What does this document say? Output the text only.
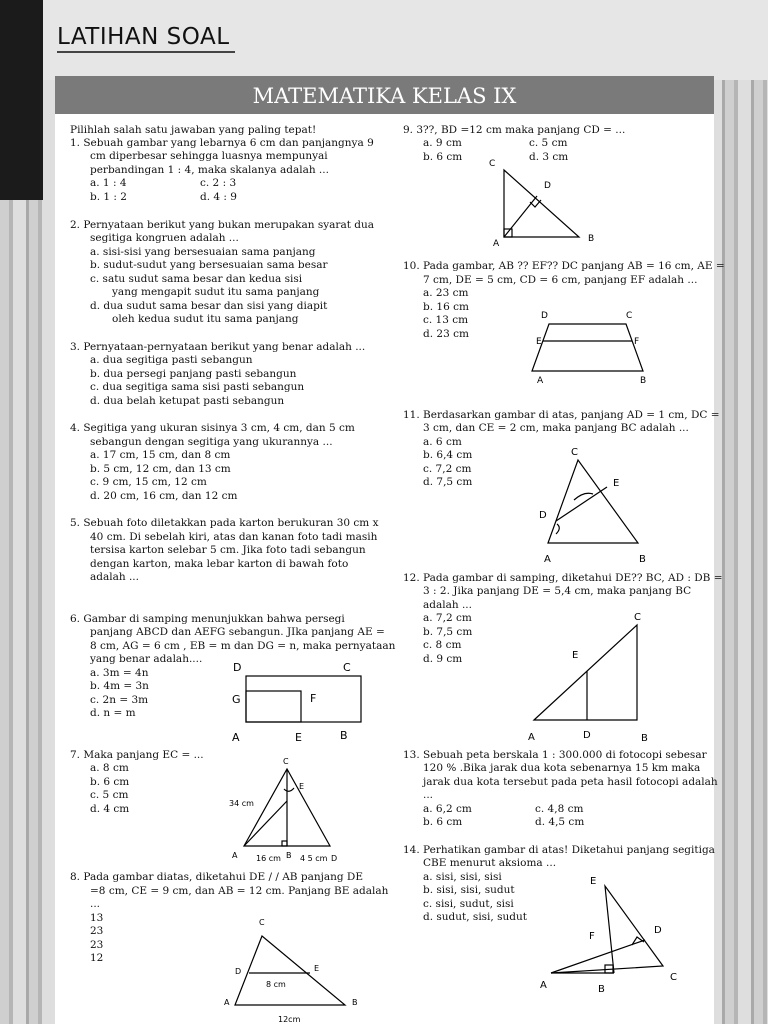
LATIHAN SOAL
MATEMATIKA KELAS IX

Pilihlah salah satu jawaban yang paling tepat!

1. Sebuah gambar yang lebarnya 6 cm dan panjangnya 9

cm diperbesar sehingga luasnya mempunyai

perbandingan 1 : 4, maka skalanya adalah ...

a. 1 : 4	c. 2 : 3

b. 1 : 2	d. 4 : 9

2. Pernyataan berikut yang bukan merupakan syarat dua

segitiga kongruen adalah ...

a. sisi-sisi yang bersesuaian sama panjang

b. sudut-sudut yang bersesuaian sama besar

c. satu sudut sama besar dan kedua sisi

yang mengapit sudut itu sama panjang

d. dua sudut sama besar dan sisi yang diapit

oleh kedua sudut itu sama panjang

3. Pernyataan-pernyataan berikut yang benar adalah ...

a. dua segitiga pasti sebangun

b. dua persegi panjang pasti sebangun

c. dua segitiga sama sisi pasti sebangun

d. dua belah ketupat pasti sebangun

4. Segitiga yang ukuran sisinya 3 cm, 4 cm, dan 5 cm

sebangun dengan segitiga yang ukurannya ...

a. 17 cm, 15 cm, dan 8 cm

b. 5 cm, 12 cm, dan 13 cm

c. 9 cm, 15 cm, 12 cm

d. 20 cm, 16 cm, dan 12 cm

5. Sebuah foto diletakkan pada karton berukuran 30 cm x

40 cm. Di sebelah kiri, atas dan kanan foto tadi masih

tersisa karton selebar 5 cm. Jika foto tadi sebangun

dengan karton, maka lebar karton di bawah foto

adalah ...

6. Gambar di samping menunjukkan bahwa persegi

panjang ABCD dan AEFG sebangun. JIka panjang AE =

8 cm, AG = 6 cm , EB = m dan DG = n, maka pernyataan

yang benar adalah....

a. 3m = 4n

b. 4m = 3n

c. 2n = 3m

d. n = m

7. Maka panjang EC = ...

a. 8 cm

b. 6 cm

c. 5 cm

d. 4 cm

8. Pada gambar diatas, diketahui DE / / AB panjang DE

=8 cm, CE = 9 cm, dan AB = 12 cm. Panjang BE adalah

...

13

23

23

12

9. 3??, BD =12 cm maka panjang CD = ...

a. 9 cm	c. 5 cm

b. 6 cm	d. 3 cm

10. Pada gambar, AB ?? EF?? DC panjang AB = 16 cm, AE =

7 cm, DE = 5 cm, CD = 6 cm, panjang EF adalah ...

a. 23 cm

b. 16 cm

c. 13 cm

d. 23 cm

11. Berdasarkan gambar di atas, panjang AD = 1 cm, DC =

3 cm, dan CE = 2 cm, maka panjang BC adalah ...

a. 6 cm

b. 6,4 cm

c. 7,2 cm

d. 7,5 cm

12. Pada gambar di samping, diketahui DE?? BC, AD : DB =

3 : 2. Jika panjang DE = 5,4 cm, maka panjang BC

adalah ...

a. 7,2 cm

b. 7,5 cm

c. 8 cm

d. 9 cm

13. Sebuah peta berskala 1 : 300.000 di fotocopi sebesar

120 % .Bika jarak dua kota sebenarnya 15 km maka

jarak dua kota tersebut pada peta hasil fotocopi adalah

...

a. 6,2 cm	c. 4,8 cm

b. 6 cm	d. 4,5 cm

14. Perhatikan gambar di atas! Diketahui panjang segitiga

CBE menurut aksioma ...

a. sisi, sisi, sisi

b. sisi, sisi, sudut

c. sisi, sudut, sisi

d. sudut, sisi, sudut

D	C
G	F
A	E	B
C
E
34 cm
A 16 cm B 4 5 cm D
C
D	E
8 cm
A	B
12cm
C
D
A	B
D	C
E	F
A	B
C
E
D
A	B
C
E
A	D	B
E
D
F
A	B
C
